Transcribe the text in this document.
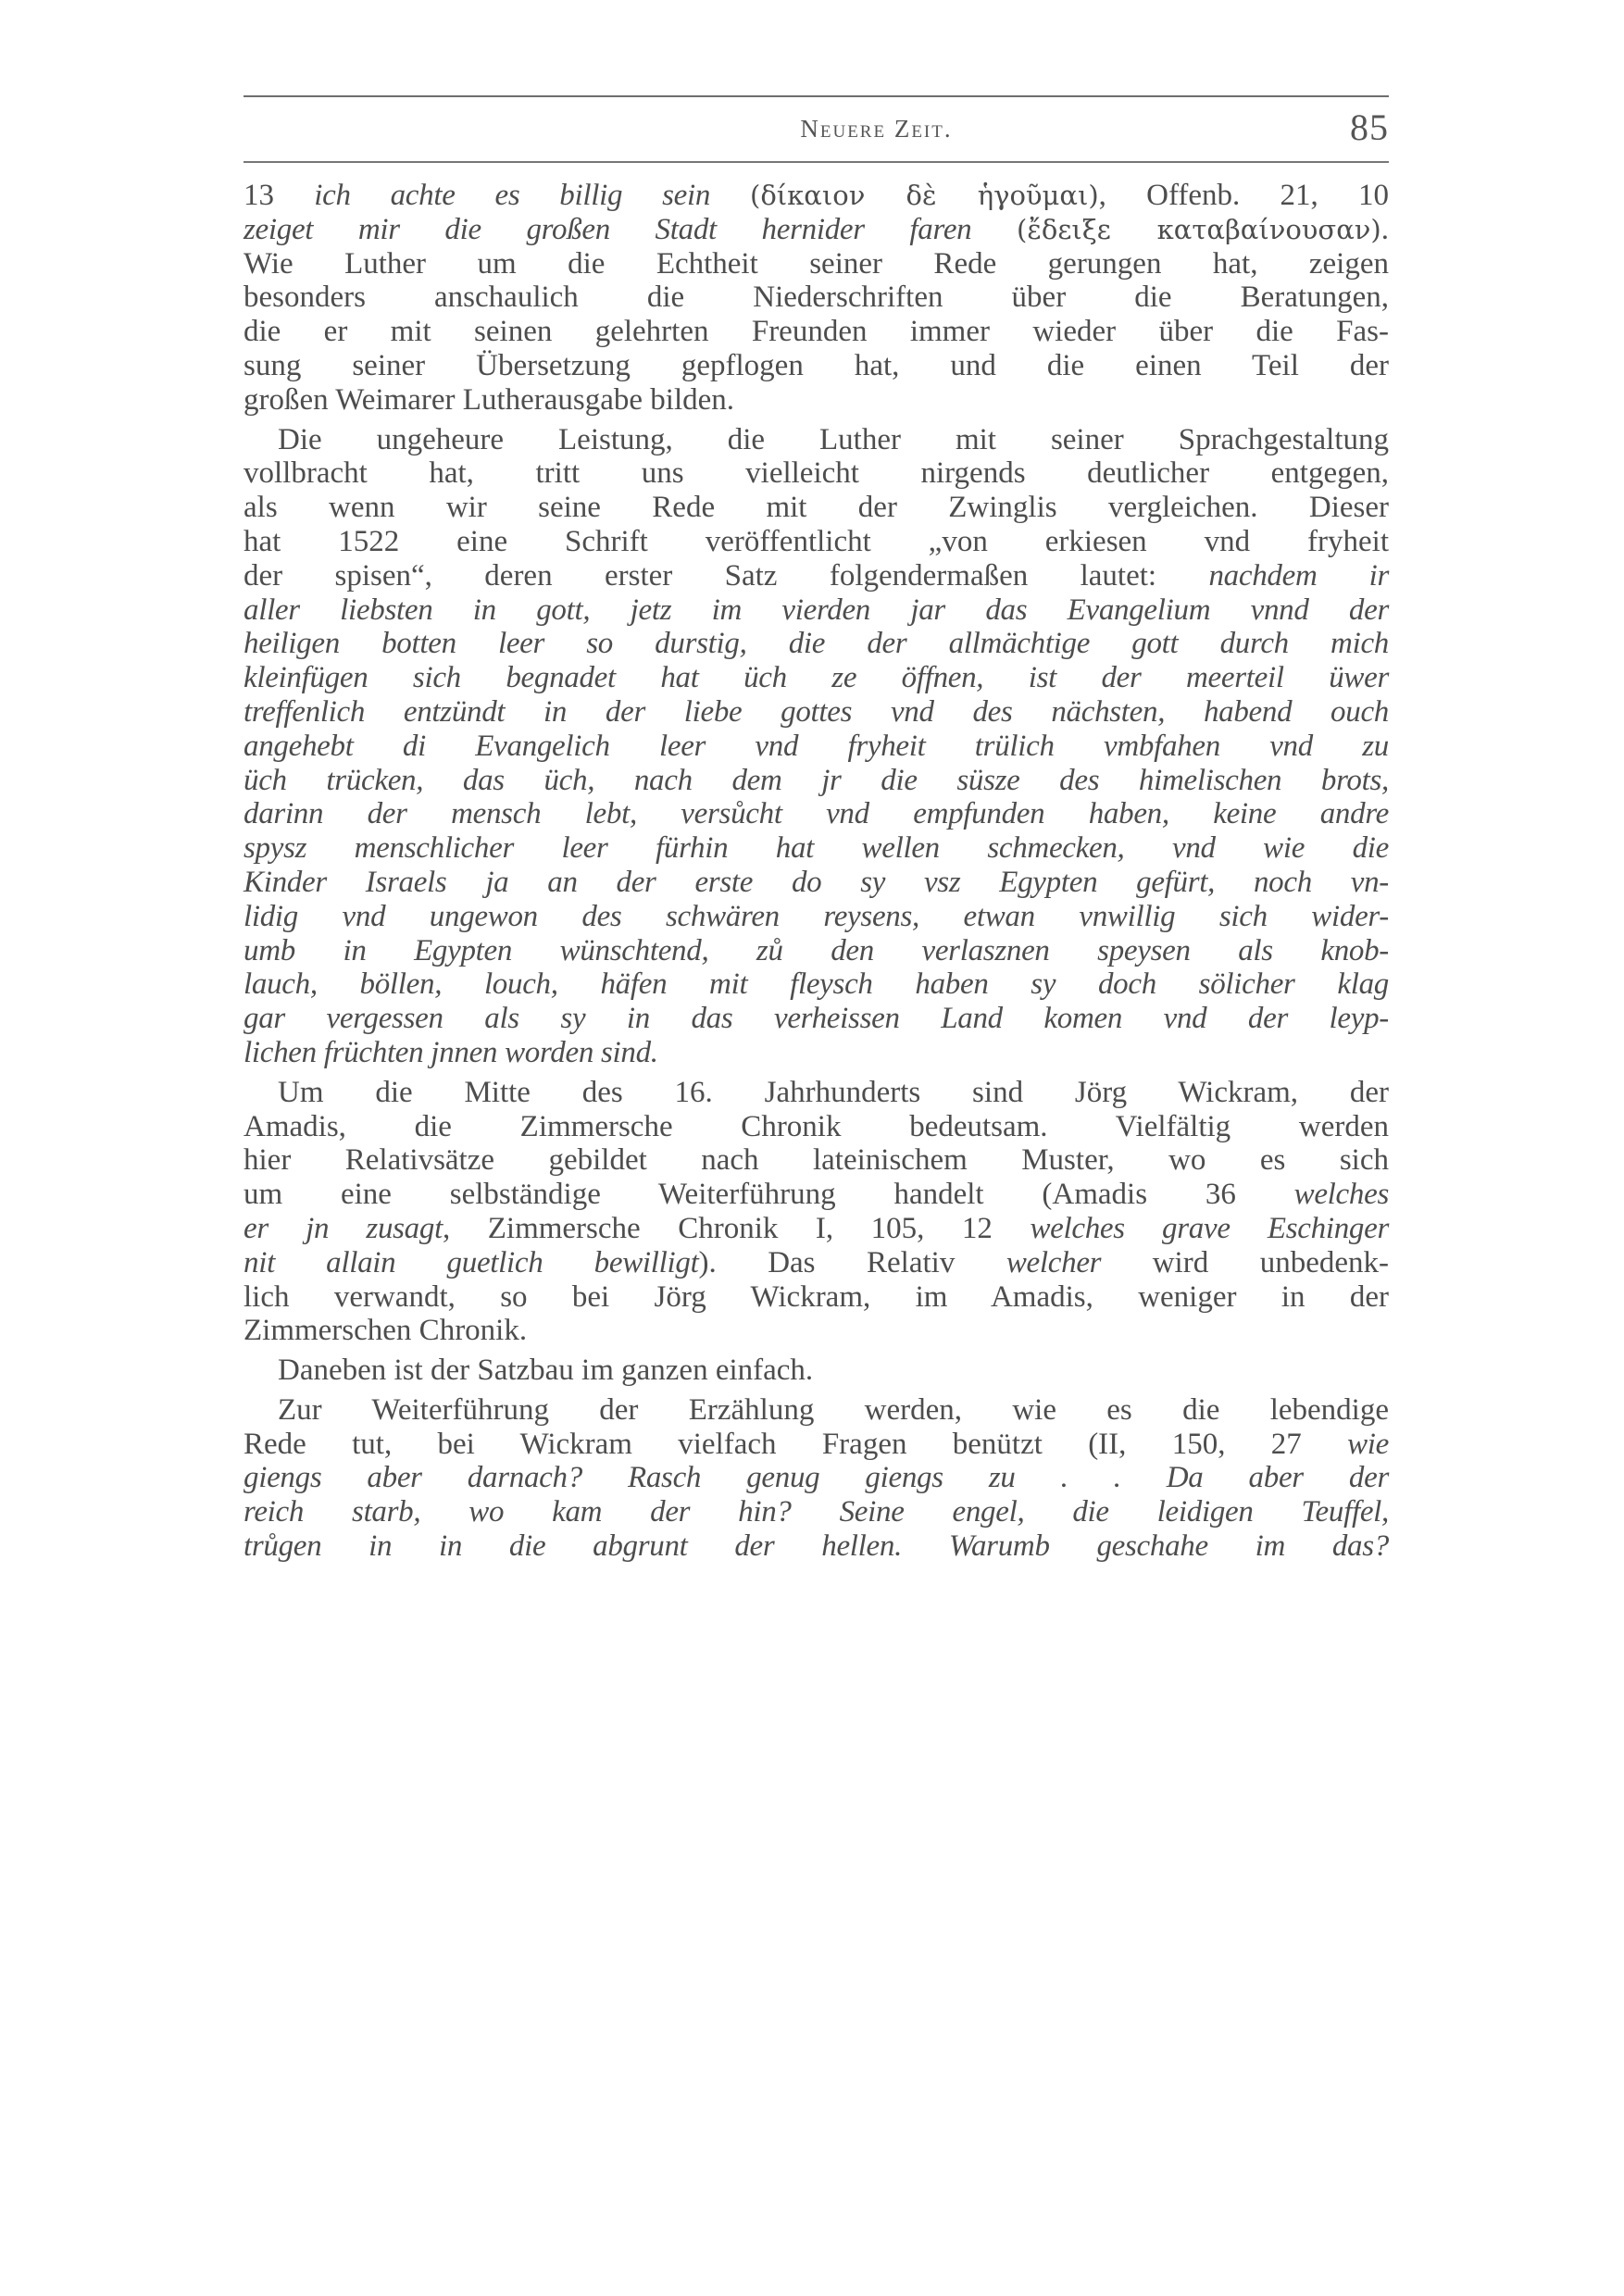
Neuere Zeit.	85
13 ich achte es billig sein (δίκαιον δὲ ἡγοῦμαι), Offenb. 21, 10
zeiget mir die großen Stadt hernider faren (ἔδειξε καταβαίνουσαν).
Wie Luther um die Echtheit seiner Rede gerungen hat, zeigen
besonders anschaulich die Niederschriften über die Beratungen,
die er mit seinen gelehrten Freunden immer wieder über die Fas-
sung seiner Übersetzung gepflogen hat, und die einen Teil der
großen Weimarer Lutherausgabe bilden.
Die ungeheure Leistung, die Luther mit seiner Sprachgestaltung
vollbracht hat, tritt uns vielleicht nirgends deutlicher entgegen,
als wenn wir seine Rede mit der Zwinglis vergleichen. Dieser
hat 1522 eine Schrift veröffentlicht „von erkiesen vnd fryheit
der spisen“, deren erster Satz folgendermaßen lautet: nachdem ir
aller liebsten in gott, jetz im vierden jar das Evangelium vnnd der
heiligen botten leer so durstig, die der allmächtige gott durch mich
kleinfügen sich begnadet hat üch ze öffnen, ist der meerteil üwer
treffenlich entzündt in der liebe gottes vnd des nächsten, habend ouch
angehebt di Evangelich leer vnd fryheit trülich vmbfahen vnd zu
üch trücken, das üch, nach dem jr die süsze des himelischen brots,
darinn der mensch lebt, versůcht vnd empfunden haben, keine andre
spysz menschlicher leer fürhin hat wellen schmecken, vnd wie die
Kinder Israels ja an der erste do sy vsz Egypten gefürt, noch vn-
lidig vnd ungewon des schwären reysens, etwan vnwillig sich wider-
umb in Egypten wünschtend, zů den verlasznen speysen als knob-
lauch, böllen, louch, häfen mit fleysch haben sy doch sölicher klag
gar vergessen als sy in das verheissen Land komen vnd der leyp-
lichen früchten jnnen worden sind.
Um die Mitte des 16. Jahrhunderts sind Jörg Wickram, der
Amadis, die Zimmersche Chronik bedeutsam. Vielfältig werden
hier Relativsätze gebildet nach lateinischem Muster, wo es sich
um eine selbständige Weiterführung handelt (Amadis 36 welches
er jn zusagt, Zimmersche Chronik I, 105, 12 welches grave Eschinger
nit allain guetlich bewilligt). Das Relativ welcher wird unbedenk-
lich verwandt, so bei Jörg Wickram, im Amadis, weniger in der
Zimmerschen Chronik.
Daneben ist der Satzbau im ganzen einfach.
Zur Weiterführung der Erzählung werden, wie es die lebendige
Rede tut, bei Wickram vielfach Fragen benützt (II, 150, 27 wie
giengs aber darnach? Rasch genug giengs zu . . Da aber der
reich starb, wo kam der hin? Seine engel, die leidigen Teuffel,
trůgen in in die abgrunt der hellen. Warumb geschahe im das?
